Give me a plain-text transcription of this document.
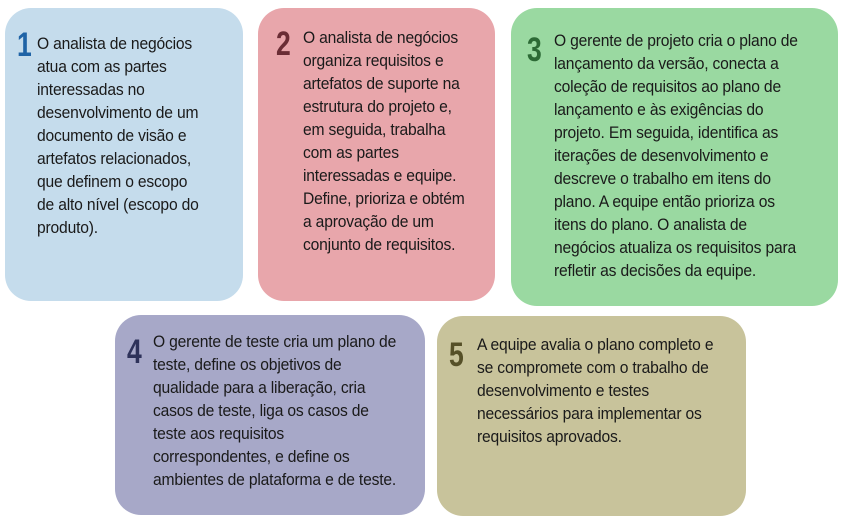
1 O analista de negócios
atua com as partes
interessadas no
desenvolvimento de um
documento de visão e
artefatos relacionados,
que definem o escopo
de alto nível (escopo do
produto).
2 O analista de negócios
organiza requisitos e
artefatos de suporte na
estrutura do projeto e,
em seguida, trabalha
com as partes
interessadas e equipe.
Define, prioriza e obtém
a aprovação de um
conjunto de requisitos.
3 O gerente de projeto cria o plano de
lançamento da versão, conecta a
coleção de requisitos ao plano de
lançamento e às exigências do
projeto. Em seguida, identifica as
iterações de desenvolvimento e
descreve o trabalho em itens do
plano. A equipe então prioriza os
itens do plano. O analista de
negócios atualiza os requisitos para
refletir as decisões da equipe.
4 O gerente de teste cria um plano de
teste, define os objetivos de
qualidade para a liberação, cria
casos de teste, liga os casos de
teste aos requisitos
correspondentes, e define os
ambientes de plataforma e de teste.
5 A equipe avalia o plano completo e
se compromete com o trabalho de
desenvolvimento e testes
necessários para implementar os
requisitos aprovados.
